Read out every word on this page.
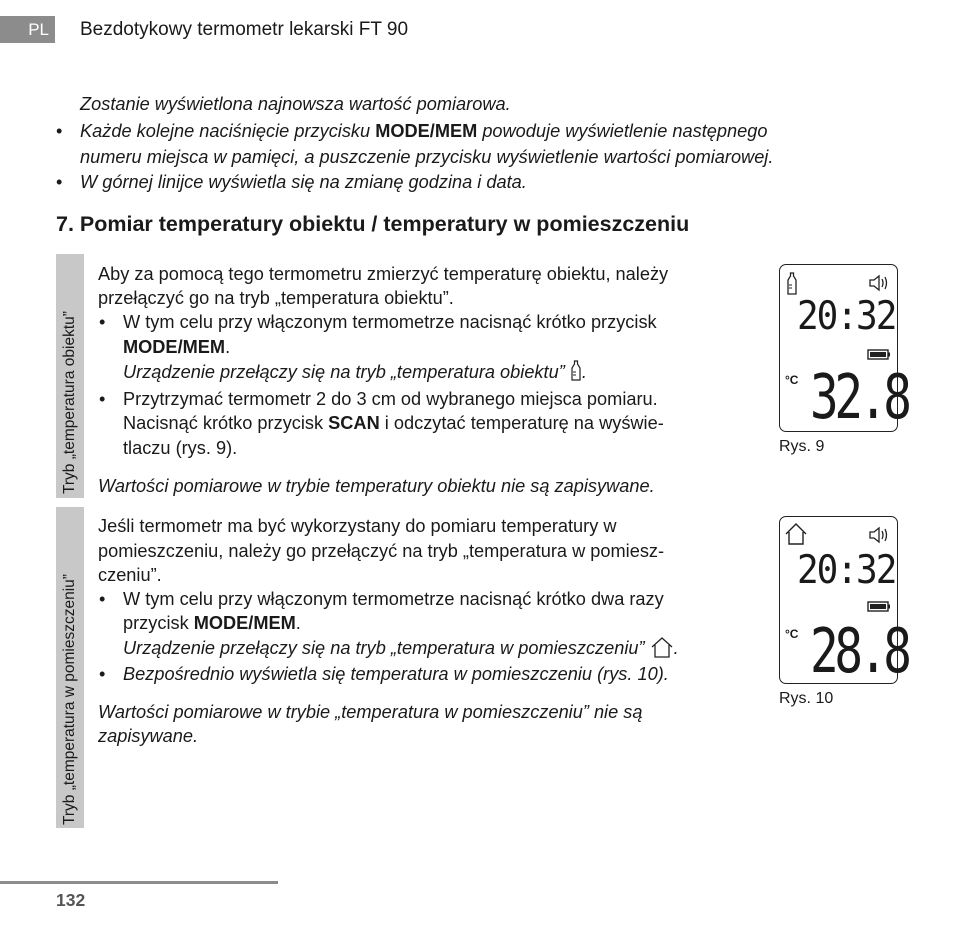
PL	Bezdotykowy termometr lekarski FT 90
Zostanie wyświetlona najnowsza wartość pomiarowa.
• Każde kolejne naciśnięcie przycisku MODE/MEM powoduje wyświetlenie następnego
numeru miejsca w pamięci, a puszczenie przycisku wyświetlenie wartości pomiarowej.
• W górnej linijce wyświetla się na zmianę godzina i data.
7. Pomiar temperatury obiektu / temperatury w pomieszczeniu
Tryb „temperatura obiektu”
Tryb „temperatura w pomieszczeniu”
Aby za pomocą tego termometru zmierzyć temperaturę obiektu, należy
przełączyć go na tryb „temperatura obiektu”.
• W tym celu przy włączonym termometrze nacisnąć krótko przycisk
MODE/MEM.
Urządzenie przełączy się na tryb „temperatura obiektu” .
• Przytrzymać termometr 2 do 3 cm od wybranego miejsca pomiaru.
Nacisnąć krótko przycisk SCAN i odczytać temperaturę na wyświe-
tlaczu (rys. 9).
Wartości pomiarowe w trybie temperatury obiektu nie są zapisywane.
Jeśli termometr ma być wykorzystany do pomiaru temperatury w
pomieszczeniu, należy go przełączyć na tryb „temperatura w pomiesz-
czeniu”.
• W tym celu przy włączonym termometrze nacisnąć krótko dwa razy
przycisk MODE/MEM.
Urządzenie przełączy się na tryb „temperatura w pomieszczeniu” .
• Bezpośrednio wyświetla się temperatura w pomieszczeniu (rys. 10).
Wartości pomiarowe w trybie „temperatura w pomieszczeniu” nie są
zapisywane.
20:32
°C 32.8
Rys. 9
20:32
°C 28.8
Rys. 10
132
